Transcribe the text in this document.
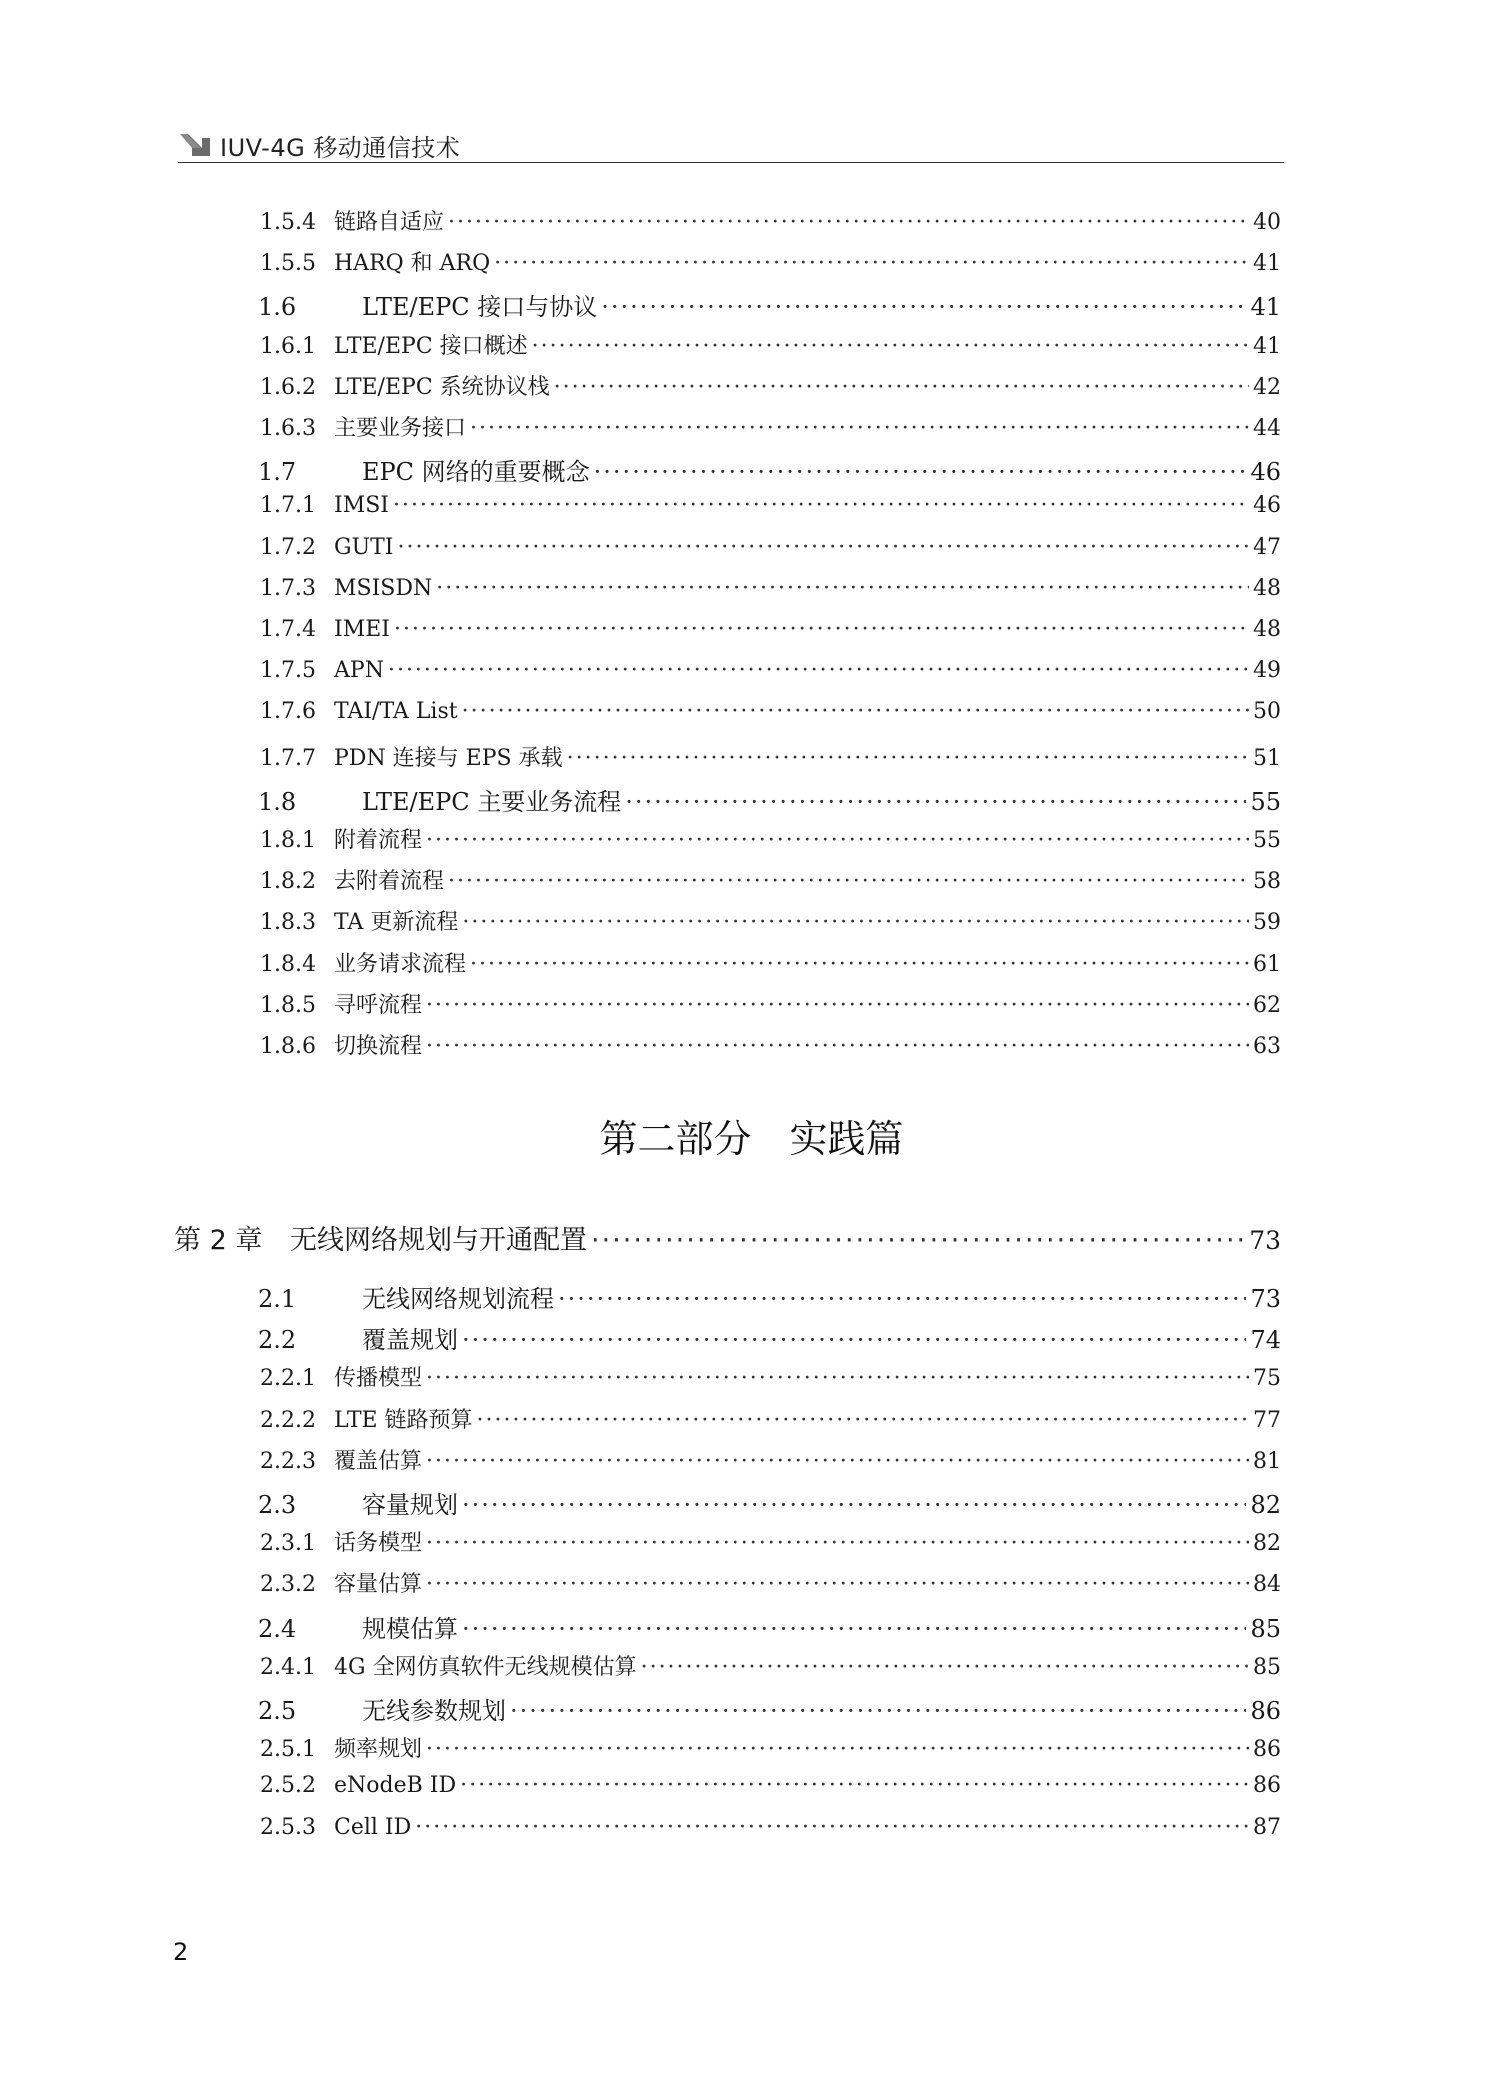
IUV-4G 移动通信技术
1.5.4 链路自适应 ·····	40
1.5.5 HARQ 和 ARQ ·····	41
1.6	LTE/EPC 接口与协议 ·····	41
1.6.1 LTE/EPC 接口概述 ·····	41
1.6.2 LTE/EPC 系统协议栈 ·····	42
1.6.3 主要业务接口 ·····	44
1.7	EPC 网络的重要概念 ·····	46
1.7.1 IMSI ·····	46
1.7.2 GUTI ·····	47
1.7.3 MSISDN ·····	48
1.7.4 IMEI ·····	48
1.7.5 APN ·····	49
1.7.6 TAI/TA List ·····	50
1.7.7 PDN 连接与 EPS 承载 ·····	51
1.8	LTE/EPC 主要业务流程 ·····	55
1.8.1 附着流程 ·····	55
1.8.2 去附着流程 ·····	58
1.8.3 TA 更新流程 ·····	59
1.8.4 业务请求流程 ·····	61
1.8.5 寻呼流程 ·····	62
1.8.6 切换流程 ·····	63
第 2 章	无线网络规划与开通配置 ·····	73
2.1	无线网络规划流程 ·····	73
2.2	覆盖规划 ·····	74
2.2.1 传播模型 ·····	75
2.2.2 LTE 链路预算 ·····	77
2.2.3 覆盖估算 ·····	81
2.3	容量规划 ·····	82
2.3.1 话务模型 ·····	82
2.3.2 容量估算 ·····	84
2.4	规模估算 ·····	85
2.4.1 4G 全网仿真软件无线规模估算 ·····	85
2.5	无线参数规划 ·····	86
2.5.1 频率规划 ·····	86
2.5.2 eNodeB ID ·····	86
2.5.3 Cell ID ·····	87
第二部分　实践篇
2
